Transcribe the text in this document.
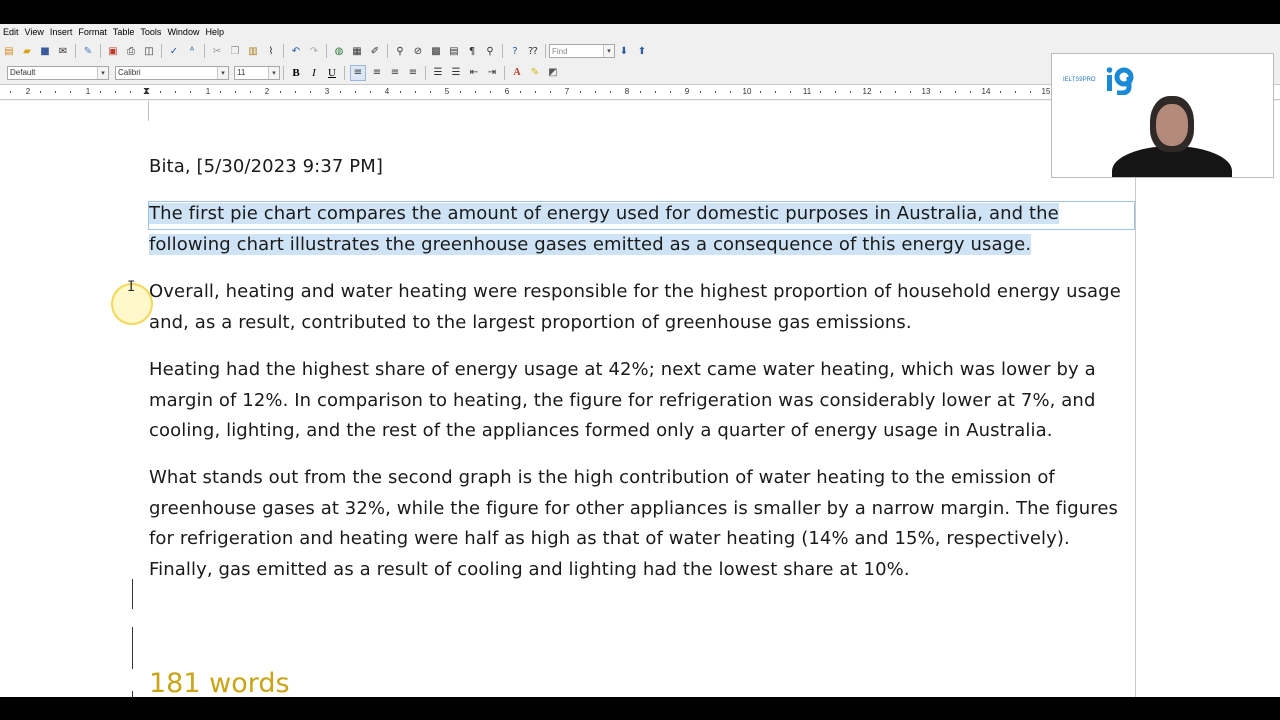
Edit View Insert Format Table Tools Window Help
▤ ▰ ■ ✉ ✎ ▣ ⎙ ◫ ✓	ᴬ	✂ ❐ ▥	⌇	↶ ↷ ◍ ▦ ✐	⚲	⊘ ▩ ▤	¶	⚲	?	⁇ Find	▾ ⬇ ⬆
Default	▾	Calibri	▾	11	▾	B	I	U	≡	≡ ≡ ≡ ☰ ☰ ⇤ ⇥	A	✎ ◩
2	1	1	2	3	4	5	6	7	8	9	10	11	12	13	14	15
⧗

Bita, [5/30/2023 9:37 PM]

The first pie chart compares the amount of energy used for domestic purposes in Australia, and the following chart illustrates the greenhouse gases emitted as a consequence of this energy usage.

Overall, heating and water heating were responsible for the highest proportion of household energy usage and, as a result, contributed to the largest proportion of greenhouse gas emissions.

Heating had the highest share of energy usage at 42%; next came water heating, which was lower by a margin of 12%. In comparison to heating, the figure for refrigeration was considerably lower at 7%, and cooling, lighting, and the rest of the appliances formed only a quarter of energy usage in Australia.

What stands out from the second graph is the high contribution of water heating to the emission of greenhouse gases at 32%, while the figure for other appliances is smaller by a narrow margin. The figures for refrigeration and heating were half as high as that of water heating (14% and 15%, respectively). Finally, gas emitted as a result of cooling and lighting had the lowest share at 10%.

181 words
I
IELTS9PRO
